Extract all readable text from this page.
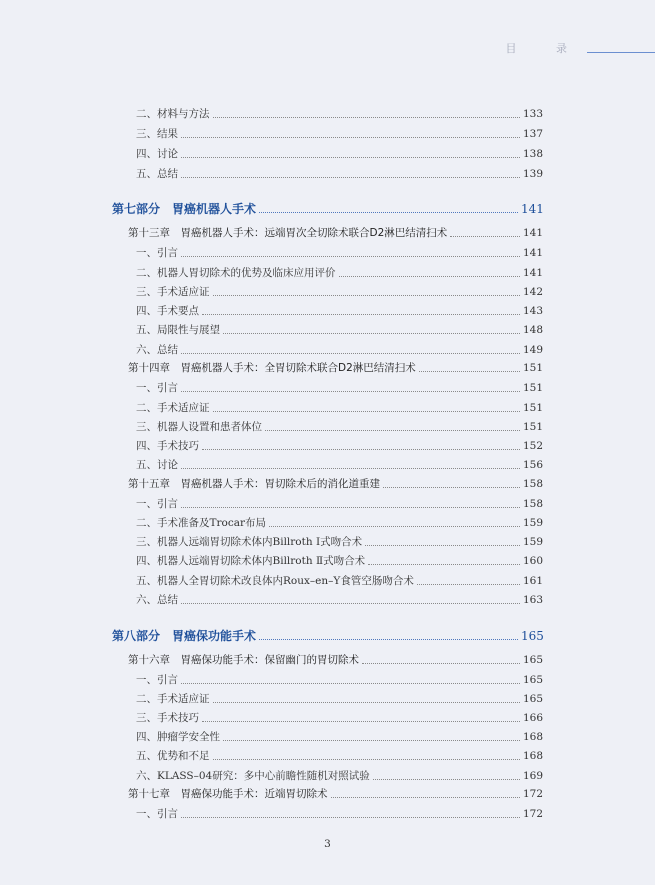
目 录
二、材料与方法	133
三、结果	137
四、讨论	138
五、总结	139
第七部分　胃癌机器人手术	141
第十三章　胃癌机器人手术：远端胃次全切除术联合D2淋巴结清扫术	141
一、引言	141
二、机器人胃切除术的优势及临床应用评价	141
三、手术适应证	142
四、手术要点	143
五、局限性与展望	148
六、总结	149
第十四章　胃癌机器人手术：全胃切除术联合D2淋巴结清扫术	151
一、引言	151
二、手术适应证	151
三、机器人设置和患者体位	151
四、手术技巧	152
五、讨论	156
第十五章　胃癌机器人手术：胃切除术后的消化道重建	158
一、引言	158
二、手术准备及Trocar布局	159
三、机器人远端胃切除术体内Billroth Ⅰ式吻合术	159
四、机器人远端胃切除术体内Billroth Ⅱ式吻合术	160
五、机器人全胃切除术改良体内Roux–en–Y食管空肠吻合术	161
六、总结	163
第八部分　胃癌保功能手术	165
第十六章　胃癌保功能手术：保留幽门的胃切除术	165
一、引言	165
二、手术适应证	165
三、手术技巧	166
四、肿瘤学安全性	168
五、优势和不足	168
六、KLASS–04研究：多中心前瞻性随机对照试验	169
第十七章　胃癌保功能手术：近端胃切除术	172
一、引言	172
3
